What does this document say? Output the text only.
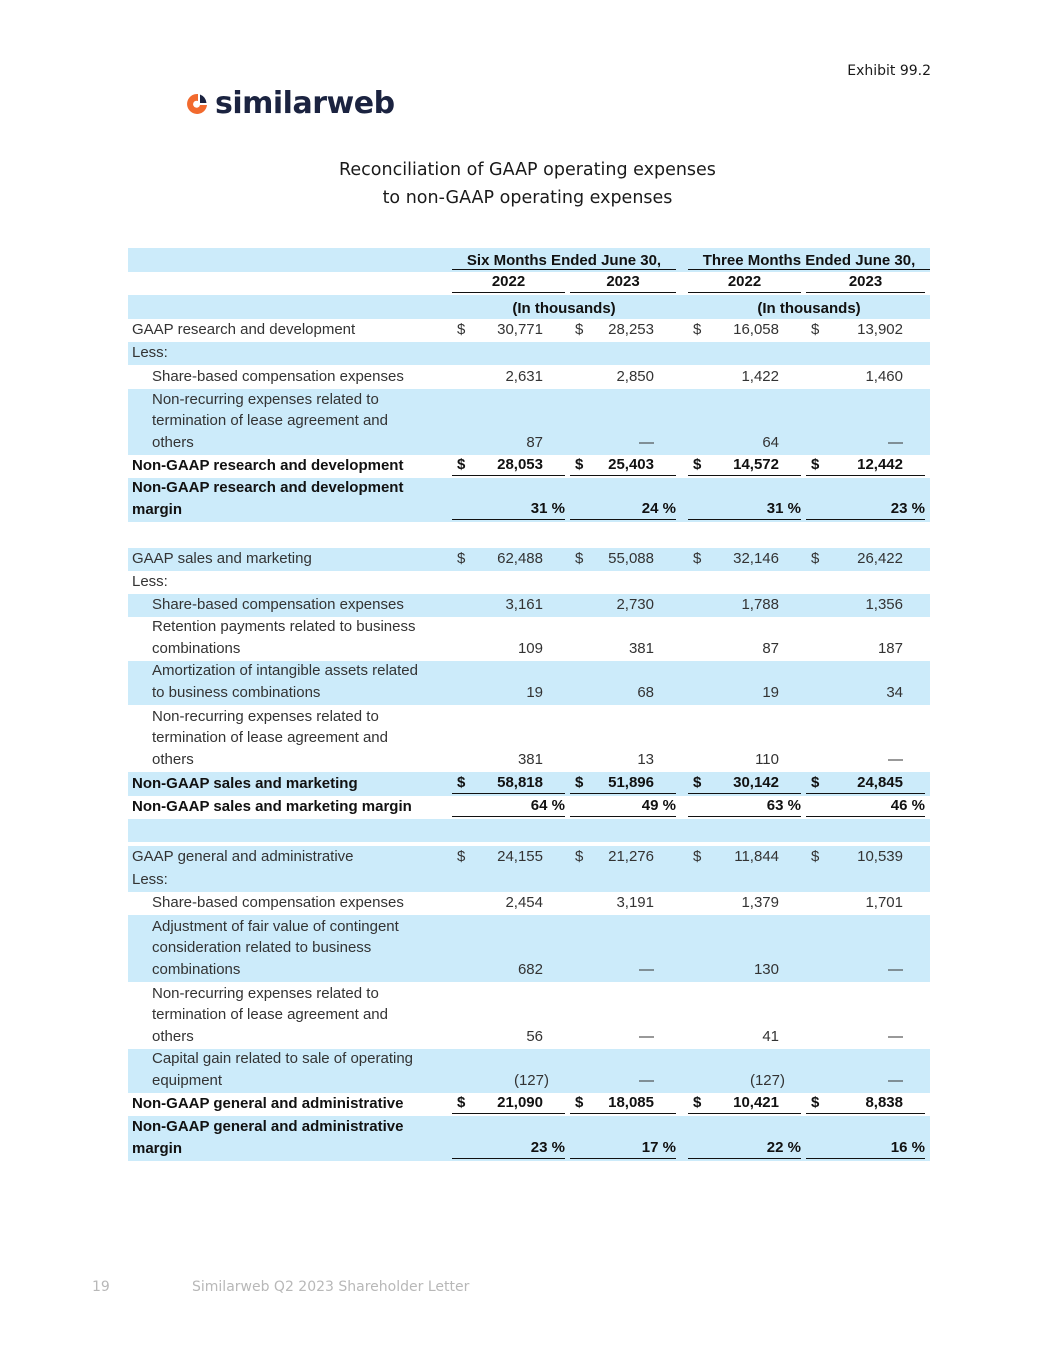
Exhibit 99.2
similarweb
Reconciliation of GAAP operating expenses
to non-GAAP operating expenses
Six Months Ended June 30,	Three Months Ended June 30,
2022	2023	2022	2023
(In thousands)	(In thousands)
GAAP research and development	$	30,771	$	28,253	$	16,058	$	13,902
Less:
Share-based compensation expenses	2,631	2,850	1,422	1,460
Non-recurring expenses related to
termination of lease agreement and
others	87	—	64	—
Non-GAAP research and development	$	28,053	$	25,403	$	14,572	$	12,442
Non-GAAP research and development
margin	31 %	24 %	31 %	23 %
GAAP sales and marketing	$	62,488	$	55,088	$	32,146	$	26,422
Less:
Share-based compensation expenses	3,161	2,730	1,788	1,356
Retention payments related to business
combinations	109	381	87	187
Amortization of intangible assets related
to business combinations	19	68	19	34
Non-recurring expenses related to
termination of lease agreement and
others	381	13	110	—
Non-GAAP sales and marketing	$	58,818	$	51,896	$	30,142	$	24,845
Non-GAAP sales and marketing margin	64 %	49 %	63 %	46 %
GAAP general and administrative	$	24,155	$	21,276	$	11,844	$	10,539
Less:
Share-based compensation expenses	2,454	3,191	1,379	1,701
Adjustment of fair value of contingent
consideration related to business
combinations	682	—	130	—
Non-recurring expenses related to
termination of lease agreement and
others	56	—	41	—
Capital gain related to sale of operating
equipment	(127)	—	(127)	—
Non-GAAP general and administrative	$	21,090	$	18,085	$	10,421	$	8,838
Non-GAAP general and administrative
margin	23 %	17 %	22 %	16 %
19	Similarweb Q2 2023 Shareholder Letter
